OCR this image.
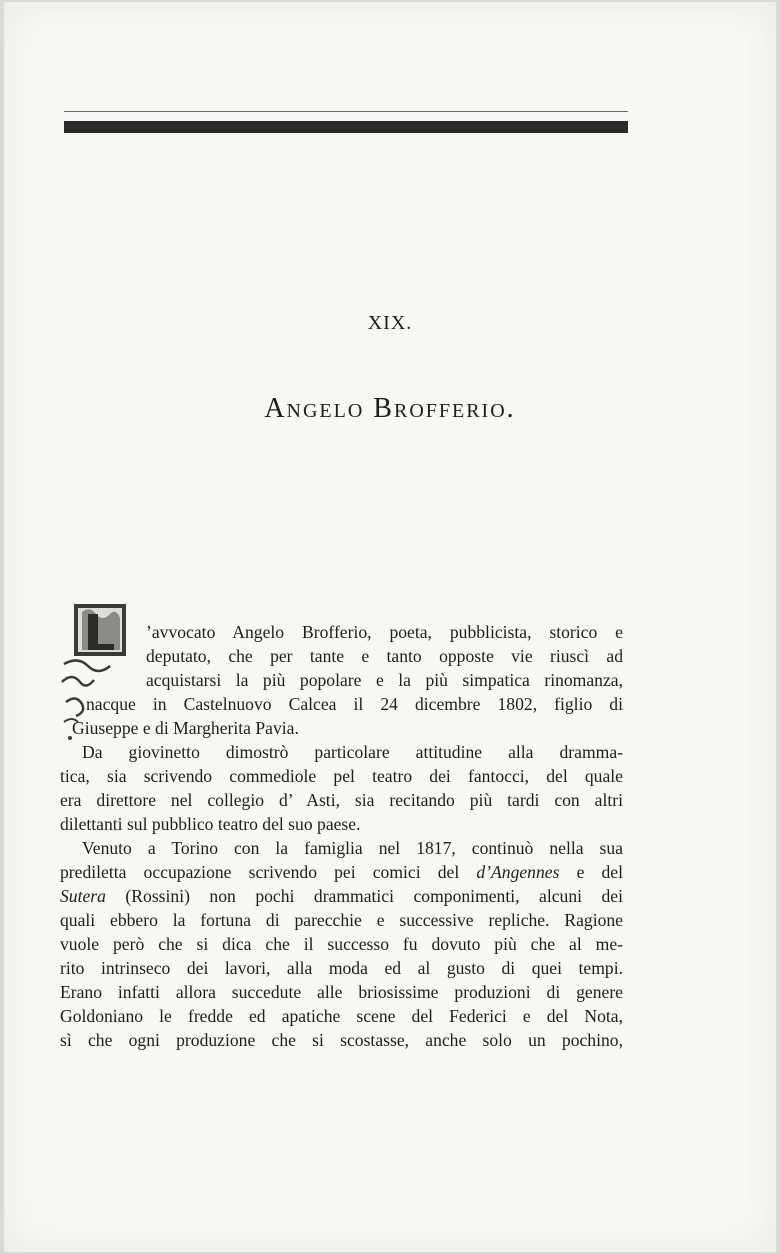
XIX.
Angelo Brofferio.
’avvocato Angelo Brofferio, poeta, pubblicista, storico e
deputato, che per tante e tanto opposte vie riuscì ad
acquistarsi la più popolare e la più simpatica rinomanza,
nacque in Castelnuovo Calcea il 24 dicembre 1802, figlio di
Giuseppe e di Margherita Pavia.
Da giovinetto dimostrò particolare attitudine alla dramma-
tica, sia scrivendo commediole pel teatro dei fantocci, del quale
era direttore nel collegio d’ Asti, sia recitando più tardi con altri
dilettanti sul pubblico teatro del suo paese.
Venuto a Torino con la famiglia nel 1817, continuò nella sua
prediletta occupazione scrivendo pei comici del d’Angennes e del
Sutera (Rossini) non pochi drammatici componimenti, alcuni dei
quali ebbero la fortuna di parecchie e successive repliche. Ragione
vuole però che si dica che il successo fu dovuto più che al me-
rito intrinseco dei lavori, alla moda ed al gusto di quei tempi.
Erano infatti allora succedute alle briosissime produzioni di genere
Goldoniano le fredde ed apatiche scene del Federici e del Nota,
sì che ogni produzione che si scostasse, anche solo un pochino,
